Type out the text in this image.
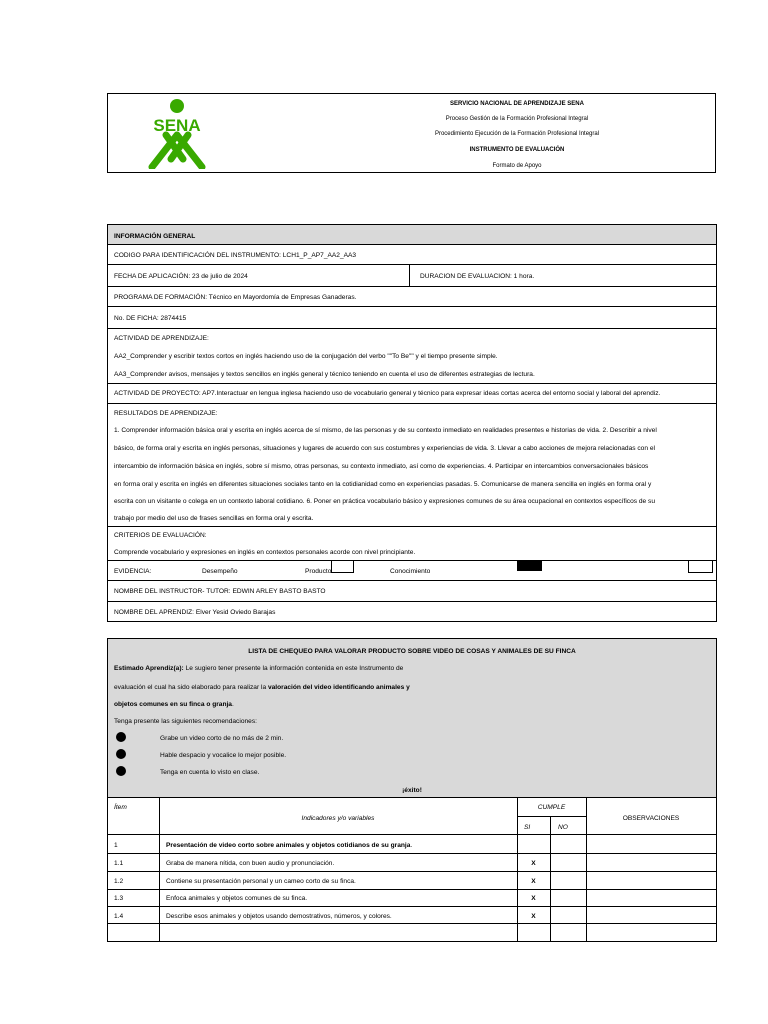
SENA
SERVICIO NACIONAL DE APRENDIZAJE SENA
Proceso Gestión de la Formación Profesional Integral
Procedimiento Ejecución de la Formación Profesional Integral
INSTRUMENTO DE EVALUACIÓN
Formato de Apoyo
INFORMACIÓN GENERAL
CODIGO PARA IDENTIFICACIÓN DEL INSTRUMENTO: LCH1_P_AP7_AA2_AA3
FECHA DE APLICACIÓN: 23 de julio de 2024	DURACION DE EVALUACION: 1 hora.
PROGRAMA DE FORMACIÓN: Técnico en Mayordomía de Empresas Ganaderas.
No. DE FICHA: 2874415
ACTIVIDAD DE APRENDIZAJE:
AA2_Comprender y escribir textos cortos en inglés haciendo uso de la conjugación del verbo ""To Be"" y el tiempo presente simple.
AA3_Comprender avisos, mensajes y textos sencillos en inglés general y técnico teniendo en cuenta el uso de diferentes estrategias de lectura.
ACTIVIDAD DE PROYECTO: AP7.Interactuar en lengua inglesa haciendo uso de vocabulario general y técnico para expresar ideas cortas acerca del entorno social y laboral del aprendiz.
RESULTADOS DE APRENDIZAJE:
1. Comprender información básica oral y escrita en inglés acerca de sí mismo, de las personas y de su contexto inmediato en realidades presentes e historias de vida. 2. Describir a nivel
básico, de forma oral y escrita en inglés personas, situaciones y lugares de acuerdo con sus costumbres y experiencias de vida. 3. Llevar a cabo acciones de mejora relacionadas con el
intercambio de información básica en inglés, sobre sí mismo, otras personas, su contexto inmediato, así como de experiencias. 4. Participar en intercambios conversacionales básicos
en forma oral y escrita en inglés en diferentes situaciones sociales tanto en la cotidianidad como en experiencias pasadas. 5. Comunicarse de manera sencilla en inglés en forma oral y
escrita con un visitante o colega en un contexto laboral cotidiano. 6. Poner en práctica vocabulario básico y expresiones comunes de su área ocupacional en contextos específicos de su
trabajo por medio del uso de frases sencillas en forma oral y escrita.
CRITERIOS DE EVALUACIÓN:
Comprende vocabulario y expresiones en inglés en contextos personales acorde con nivel principiante.
EVIDENCIA:	Desempeño	Producto	Conocimiento
NOMBRE DEL INSTRUCTOR- TUTOR: EDWIN ARLEY BASTO BASTO
NOMBRE DEL APRENDIZ: Elver Yesid Oviedo Barajas
LISTA DE CHEQUEO PARA VALORAR PRODUCTO SOBRE VIDEO DE COSAS Y ANIMALES DE SU FINCA
Estimado Aprendiz(a): Le sugiero tener presente la información contenida en este Instrumento de
evaluación el cual ha sido elaborado para realizar la valoración del video identificando animales y
objetos comunes en su finca o granja.
Tenga presente las siguientes recomendaciones:
Grabe un video corto de no más de 2 min.
Hable despacio y vocalice lo mejor posible.
Tenga en cuenta lo visto en clase.
¡éxito!
Ítem
Indicadores y/o variables
CUMPLE
SI	NO
OBSERVACIONES
1	Presentación de video corto sobre animales y objetos cotidianos de su granja.
1.1	Graba de manera nítida, con buen audio y pronunciación.	X
1.2	Contiene su presentación personal y un cameo corto de su finca.	X
1.3	Enfoca animales y objetos comunes de su finca.	X
1.4	Describe esos animales y objetos usando demostrativos, números, y colores.	X
